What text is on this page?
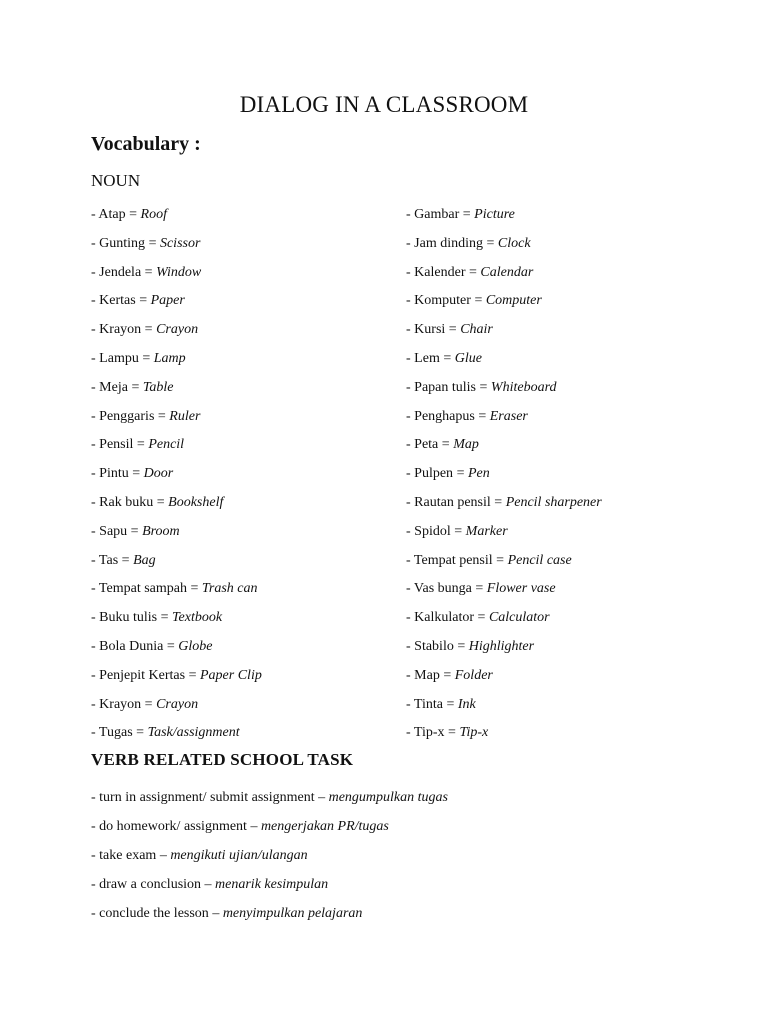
DIALOG IN A CLASSROOM
Vocabulary :
NOUN
- Atap = Roof
- Gunting = Scissor
- Jendela = Window
- Kertas = Paper
- Krayon = Crayon
- Lampu = Lamp
- Meja = Table
- Penggaris = Ruler
- Pensil = Pencil
- Pintu = Door
- Rak buku = Bookshelf
- Sapu = Broom
- Tas = Bag
- Tempat sampah = Trash can
- Buku tulis = Textbook
- Bola Dunia = Globe
- Penjepit Kertas = Paper Clip
- Krayon = Crayon
- Tugas = Task/assignment
- Gambar = Picture
- Jam dinding = Clock
- Kalender = Calendar
- Komputer = Computer
- Kursi = Chair
- Lem = Glue
- Papan tulis = Whiteboard
- Penghapus = Eraser
- Peta = Map
- Pulpen = Pen
- Rautan pensil = Pencil sharpener
- Spidol = Marker
- Tempat pensil = Pencil case
- Vas bunga = Flower vase
- Kalkulator = Calculator
- Stabilo = Highlighter
- Map = Folder
- Tinta = Ink
- Tip-x = Tip-x
VERB RELATED SCHOOL TASK
- turn in assignment/ submit assignment – mengumpulkan tugas
- do homework/ assignment – mengerjakan PR/tugas
- take exam – mengikuti ujian/ulangan
- draw a conclusion – menarik kesimpulan
- conclude the lesson – menyimpulkan pelajaran
